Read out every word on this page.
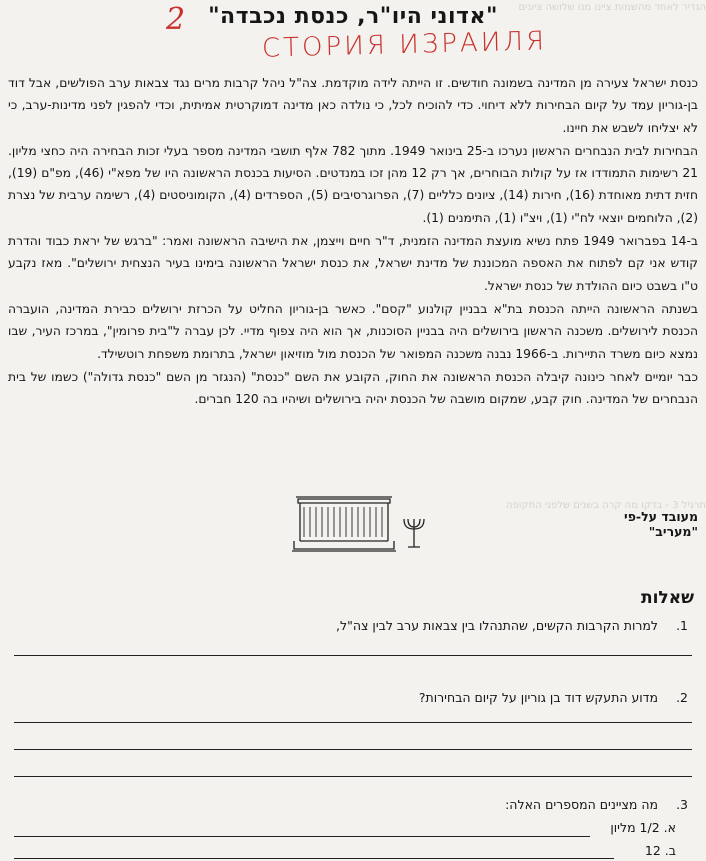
הגדיר לאחד מהשמות ציינו מנו שלושה ציונים
תרגיל 3 - בדקו מה קרה בשנים שלפני התקופה
"אדוני היו"ר, כנסת נכבדה"
2
СТОРИЯ ИЗРАИЛЯ

כנסת ישראל צעירה מן המדינה בשמונה חודשים. זו הייתה לידה מוקדמת. צה"ל ניהל קרבות מרים נגד צבאות ערב הפולשים, אבל דוד בן-גוריון עמד על קיום הבחירות ללא דיחוי. כדי להוכיח לכל, כי נולדה כאן מדינה דמוקרטית אמיתית, וכדי להפגין לפני מדינות-ערב, כי לא יצליחו לשבש את חיינו.

הבחירות לבית הנבחרים הראשון נערכו ב-25 בינואר 1949. מתוך 782 אלף תושבי המדינה מספר בעלי זכות הבחירה היה כחצי מליון. 21 רשימות התמודדו אז על קולות הבוחרים, אך רק 12 מהן זכו במנדטים. הסיעות בכנסת הראשונה היו של מפא"י (46), מפ"ם (19), חזית דתית מאוחדת (16), חירות (14), ציונים כלליים (7), הפרוגרסיבים (5), הספרדים (4), הקומוניסטים (4), רשימה ערבית של נצרת (2), הלוחמים יוצאי לח"י (1), ויצ"ו (1), התימנים (1).

ב-14 בפברואר 1949 פתח נשיא מועצת המדינה הזמנית, ד"ר חיים וייצמן, את הישיבה הראשונה ואמר: "ברגש של יראת כבוד והדרת קודש אני קם לפתוח את האספה המכוננת של מדינת ישראל, את כנסת ישראל הראשונה בימינו בעיר הנצחית ירושלים". מאז נקבע ט"ו בשבט כיום ההולדת של כנסת ישראל.

בשנתה הראשונה הייתה הכנסת בת"א בבניין קולנוע "קסם". כאשר בן-גוריון החליט על הכרזת ירושלים כבירת המדינה, הועברה הכנסת לירושלים. משכנה הראשון בירושלים היה בבניין הסוכנות, אך הוא היה צפוף מדיי. לכן עברה ל"בית פרומין", במרכז העיר, שבו נמצא כיום משרד התיירות. ב-1966 נבנה משכנה המפואר של הכנסת מול מוזיאון ישראל, בתרומת משפחת רוטשילד.

כבר יומיים לאחר כינונה קיבלה הכנסת הראשונה את החוק, הקובע את השם "כנסת" (הנגזר מן השם "כנסת גדולה") כשמו של בית הנבחרים של המדינה. חוק קבע, שמקום מושבה של הכנסת יהיה בירושלים ושיהיו בה 120 חברים.

מעובד על-פי "מעריב"
שאלות
1.למרות הקרבות הקשים, שהתנהלו בין צבאות ערב לבין צה"ל,
2.מדוע התעקש דוד בן גוריון על קיום הבחירות?
3.מה מציינים המספרים האלה:
א. 1/2 מליון
ב. 12
